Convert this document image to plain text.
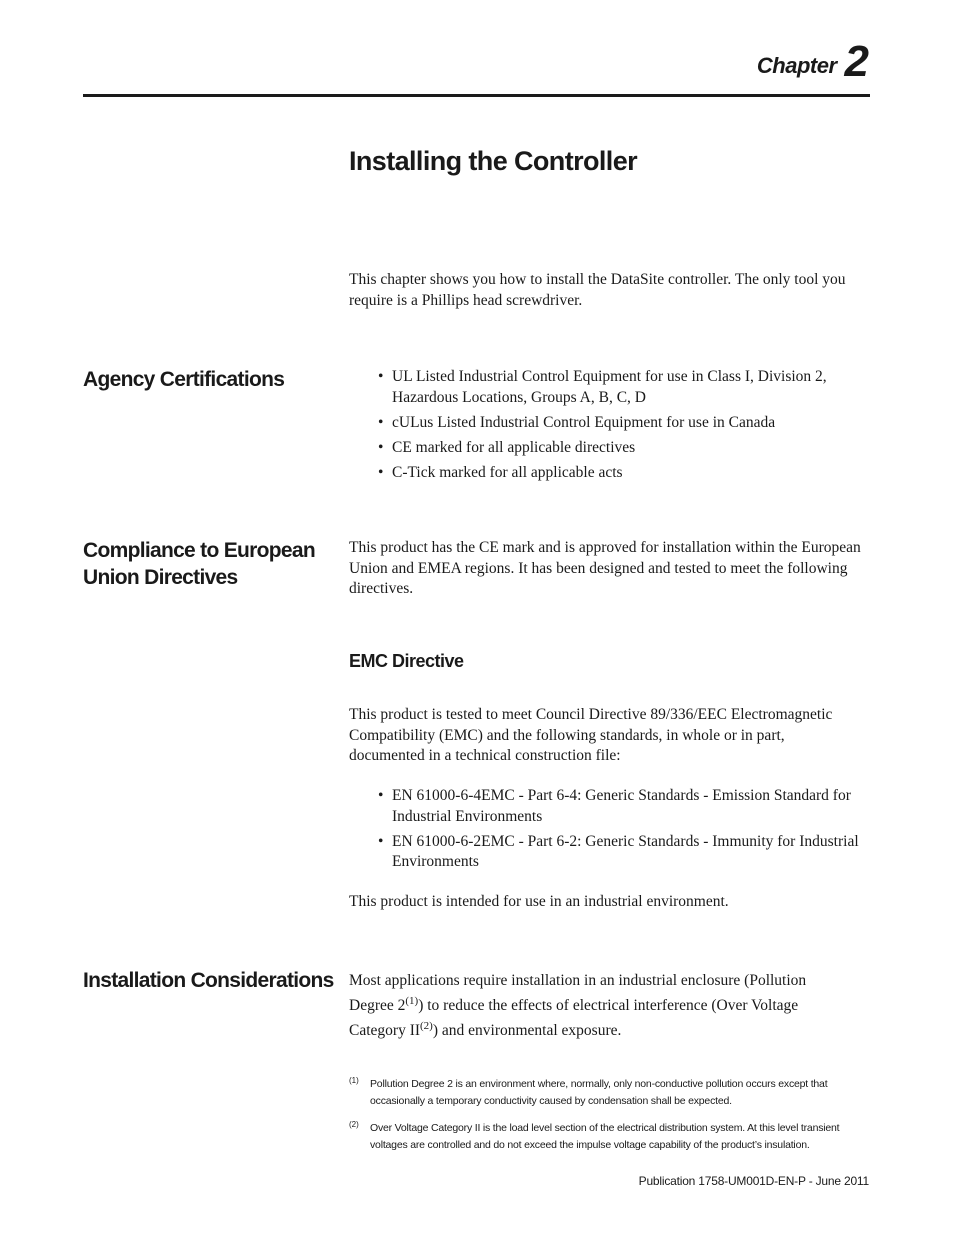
Chapter 2
Installing the Controller
This chapter shows you how to install the DataSite controller. The only tool you require is a Phillips head screwdriver.
Agency Certifications	• UL Listed Industrial Control Equipment for use in Class I, Division 2, Hazardous Locations, Groups A, B, C, D
• cULus Listed Industrial Control Equipment for use in Canada
• CE marked for all applicable directives
• C-Tick marked for all applicable acts
Compliance to European
Union Directives
This product has the CE mark and is approved for installation within the European Union and EMEA regions. It has been designed and tested to meet the following directives.
EMC Directive
This product is tested to meet Council Directive 89/336/EEC Electromagnetic Compatibility (EMC) and the following standards, in whole or in part, documented in a technical construction file:
• EN 61000-6-4EMC - Part 6-4: Generic Standards - Emission Standard for Industrial Environments
• EN 61000-6-2EMC - Part 6-2: Generic Standards - Immunity for Industrial Environments
This product is intended for use in an industrial environment.
Installation Considerations Most applications require installation in an industrial enclosure (Pollution Degree 2$^{(1)}$) to reduce the effects of electrical interference (Over Voltage Category II$^{(2)}$) and environmental exposure.
(1) Pollution Degree 2 is an environment where, normally, only non-conductive pollution occurs except that occasionally a temporary conductivity caused by condensation shall be expected.
(2) Over Voltage Category II is the load level section of the electrical distribution system. At this level transient voltages are controlled and do not exceed the impulse voltage capability of the product’s insulation.
Publication 1758-UM001D-EN-P - June 2011
